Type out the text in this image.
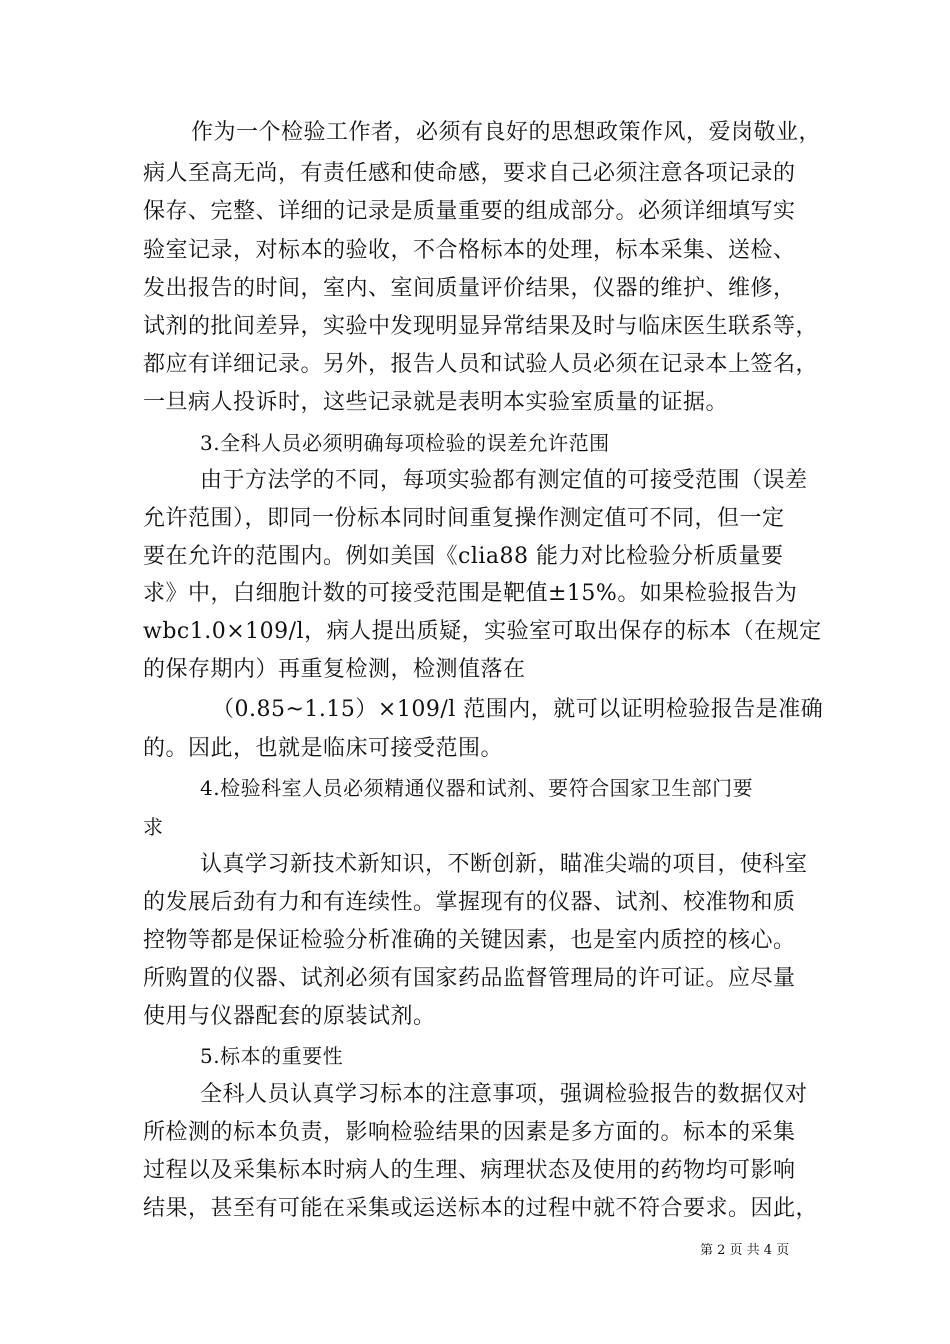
作为一个检验工作者，必须有良好的思想政策作风，爱岗敬业，
病人至高无尚，有责任感和使命感，要求自己必须注意各项记录的
保存、完整、详细的记录是质量重要的组成部分。必须详细填写实
验室记录，对标本的验收，不合格标本的处理，标本采集、送检、
发出报告的时间，室内、室间质量评价结果，仪器的维护、维修，
试剂的批间差异，实验中发现明显异常结果及时与临床医生联系等，
都应有详细记录。另外，报告人员和试验人员必须在记录本上签名，
一旦病人投诉时，这些记录就是表明本实验室质量的证据。
3.全科人员必须明确每项检验的误差允许范围
由于方法学的不同，每项实验都有测定值的可接受范围（误差
允许范围），即同一份标本同时间重复操作测定值可不同，但一定
要在允许的范围内。例如美国《clia88 能力对比检验分析质量要
求》中，白细胞计数的可接受范围是靶值±15%。如果检验报告为
wbc1.0×109/l，病人提出质疑，实验室可取出保存的标本（在规定
的保存期内）再重复检测，检测值落在
（0.85~1.15）×109/l 范围内，就可以证明检验报告是准确
的。因此，也就是临床可接受范围。
4.检验科室人员必须精通仪器和试剂、要符合国家卫生部门要
求
认真学习新技术新知识，不断创新，瞄准尖端的项目，使科室
的发展后劲有力和有连续性。掌握现有的仪器、试剂、校准物和质
控物等都是保证检验分析准确的关键因素，也是室内质控的核心。
所购置的仪器、试剂必须有国家药品监督管理局的许可证。应尽量
使用与仪器配套的原装试剂。
5.标本的重要性
全科人员认真学习标本的注意事项，强调检验报告的数据仅对
所检测的标本负责，影响检验结果的因素是多方面的。标本的采集
过程以及采集标本时病人的生理、病理状态及使用的药物均可影响
结果，甚至有可能在采集或运送标本的过程中就不符合要求。因此，
第 2 页 共 4 页
